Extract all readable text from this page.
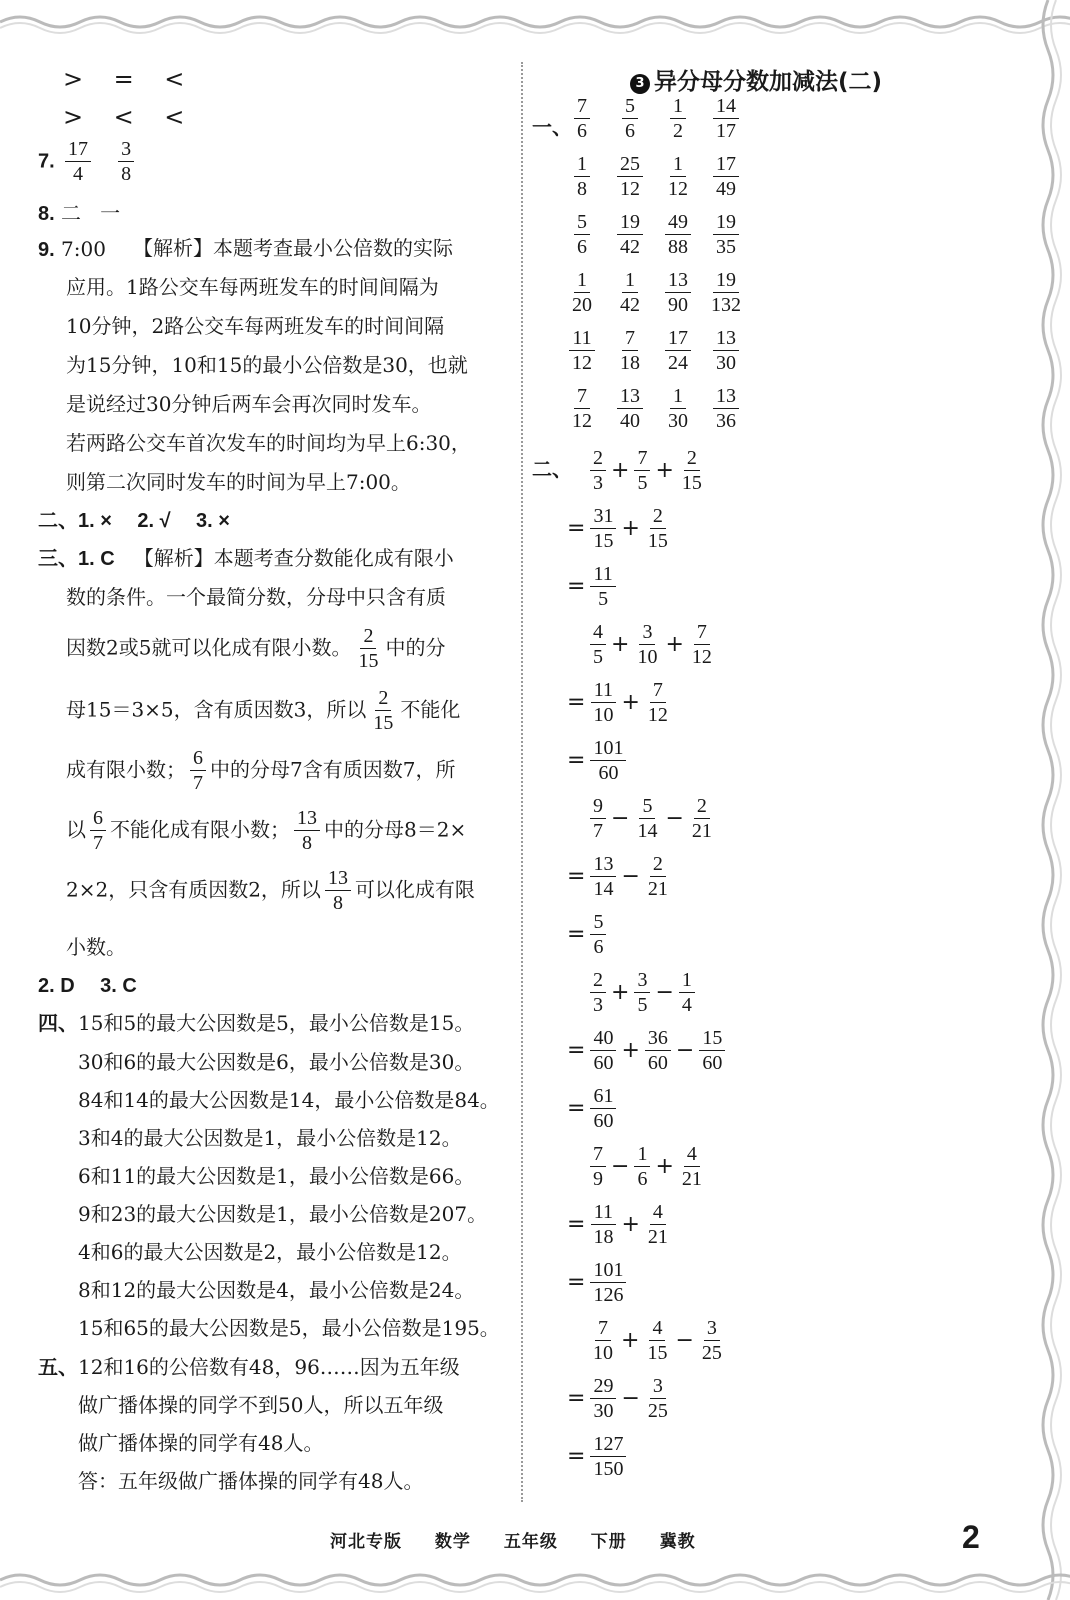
> = <
> < <
7. $\frac{17}{4}$
$\frac{3}{8}$
8. 二   一
9. 7:00	【解析】本题考查最小公倍数的实际
应用。1路公交车每两班发车的时间间隔为
10分钟，2路公交车每两班发车的时间间隔
为15分钟，10和15的最小公倍数是30，也就
是说经过30分钟后两车会再次同时发车。
若两路公交车首次发车的时间均为早上6:30，
则第二次同时发车的时间为早上7:00。
二、1. × 2. √ 3. ×
三、1. C 【解析】本题考查分数能化成有限小
数的条件。一个最简分数，分母中只含有质
因数2或5就可以化成有限小数。 $\frac{2}{15}$ 中的分
母15＝3×5，含有质因数3，所以 $\frac{2}{15}$ 不能化
成有限小数； $\frac{6}{7}$ 中的分母7含有质因数7，所
以 $\frac{6}{7}$ 不能化成有限小数； $\frac{13}{8}$ 中的分母8＝2×
2×2，只含有质因数2，所以 $\frac{13}{8}$ 可以化成有限
小数。
2. D 3. C
四、15和5的最大公因数是5，最小公倍数是15。
30和6的最大公因数是6，最小公倍数是30。
84和14的最大公因数是14，最小公倍数是84。
3和4的最大公因数是1，最小公倍数是12。
6和11的最大公因数是1，最小公倍数是66。
9和23的最大公因数是1，最小公倍数是207。
4和6的最大公因数是2，最小公倍数是12。
8和12的最大公因数是4，最小公倍数是24。
15和65的最大公因数是5，最小公倍数是195。
五、12和16的公倍数有48，96……因为五年级
做广播体操的同学不到50人，所以五年级
做广播体操的同学有48人。
答：五年级做广播体操的同学有48人。
3 异分母分数加减法(二)
一、
$\frac{7}{6} \frac{5}{6} \frac{1}{2} \frac{14}{17}$
$\frac{1}{8} \frac{25}{12} \frac{1}{12} \frac{17}{49}$
$\frac{5}{6} \frac{19}{42} \frac{49}{88} \frac{19}{35}$
$\frac{1}{20} \frac{1}{42} \frac{13}{90} \frac{19}{132}$
$\frac{11}{12} \frac{7}{18} \frac{17}{24} \frac{13}{30}$
$\frac{7}{12} \frac{13}{40} \frac{1}{30} \frac{13}{36}$
二、 $\frac{2}{3} + \frac{7}{5} + \frac{2}{15}$
= $\frac{31}{15} + \frac{2}{15}$
= $\frac{11}{5}$
$\frac{4}{5} + \frac{3}{10} + \frac{7}{12}$
= $\frac{11}{10} + \frac{7}{12}$
= $\frac{101}{60}$
$\frac{9}{7} - \frac{5}{14} - \frac{2}{21}$
= $\frac{13}{14} - \frac{2}{21}$
= $\frac{5}{6}$
$\frac{2}{3} + \frac{3}{5} - \frac{1}{4}$
= $\frac{40}{60} + \frac{36}{60} - \frac{15}{60}$
= $\frac{61}{60}$
$\frac{7}{9} - \frac{1}{6} + \frac{4}{21}$
= $\frac{11}{18} + \frac{4}{21}$
= $\frac{101}{126}$
$\frac{7}{10} + \frac{4}{15} - \frac{3}{25}$
= $\frac{29}{30} - \frac{3}{25}$
= $\frac{127}{150}$
河北专版 数学 五年级 下册 冀教	2
